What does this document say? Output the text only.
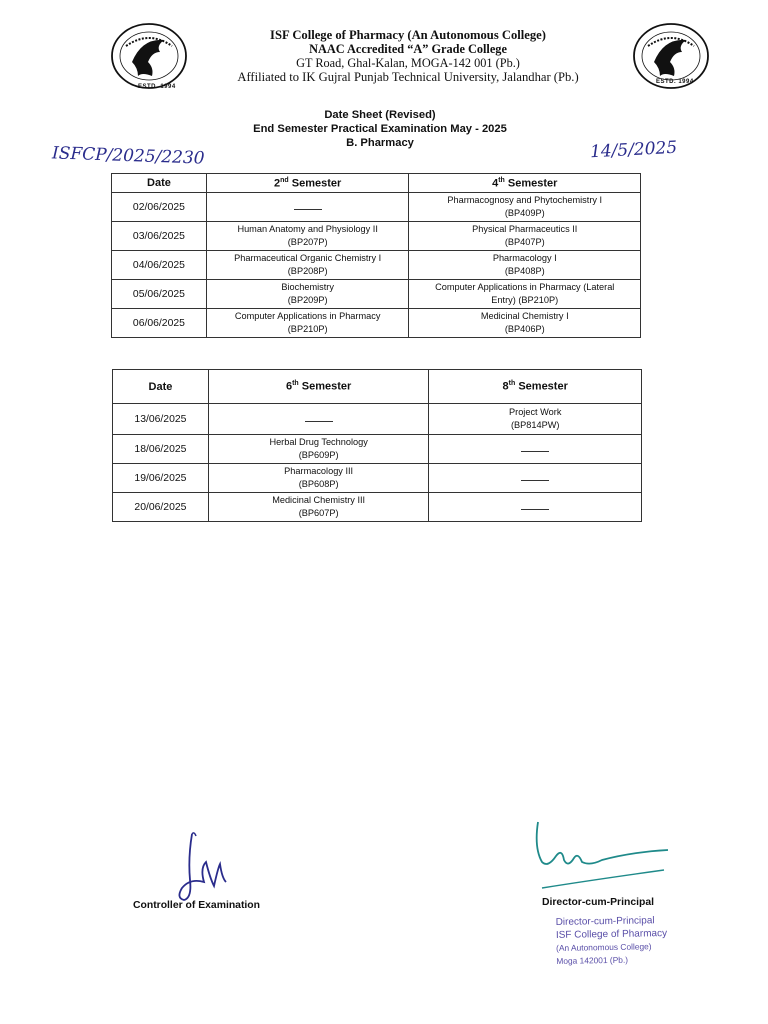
ESTD. 1994
ESTD. 1994
ISF College of Pharmacy (An Autonomous College)
NAAC Accredited “A” Grade College
GT Road, Ghal-Kalan, MOGA-142 001 (Pb.)
Affiliated to IK Gujral Punjab Technical University, Jalandhar (Pb.)
Date Sheet (Revised)
End Semester Practical Examination May - 2025
B. Pharmacy
ISFCP/2025/2230	14/5/2025
Date	2nd Semester	4th Semester
02/06/2025		Pharmacognosy and Phytochemistry I
(BP409P)

03/06/2025	Human Anatomy and Physiology II
(BP207P)	Physical Pharmaceutics II
(BP407P)

04/06/2025	Pharmaceutical Organic Chemistry I
(BP208P)	Pharmacology I
(BP408P)

05/06/2025	Biochemistry
(BP209P)	Computer Applications in Pharmacy (Lateral
Entry) (BP210P)

06/06/2025	Computer Applications in Pharmacy
(BP210P)	Medicinal Chemistry I
(BP406P)
Date	6th Semester	8th Semester
13/06/2025		Project Work
(BP814PW)

18/06/2025	Herbal Drug Technology
(BP609P)	

19/06/2025	Pharmacology III
(BP608P)	

20/06/2025	Medicinal Chemistry III
(BP607P)	

Controller of Examination	Director-cum-Principal
Director-cum-Principal
ISF College of Pharmacy
(An Autonomous College)
Moga 142001 (Pb.)
